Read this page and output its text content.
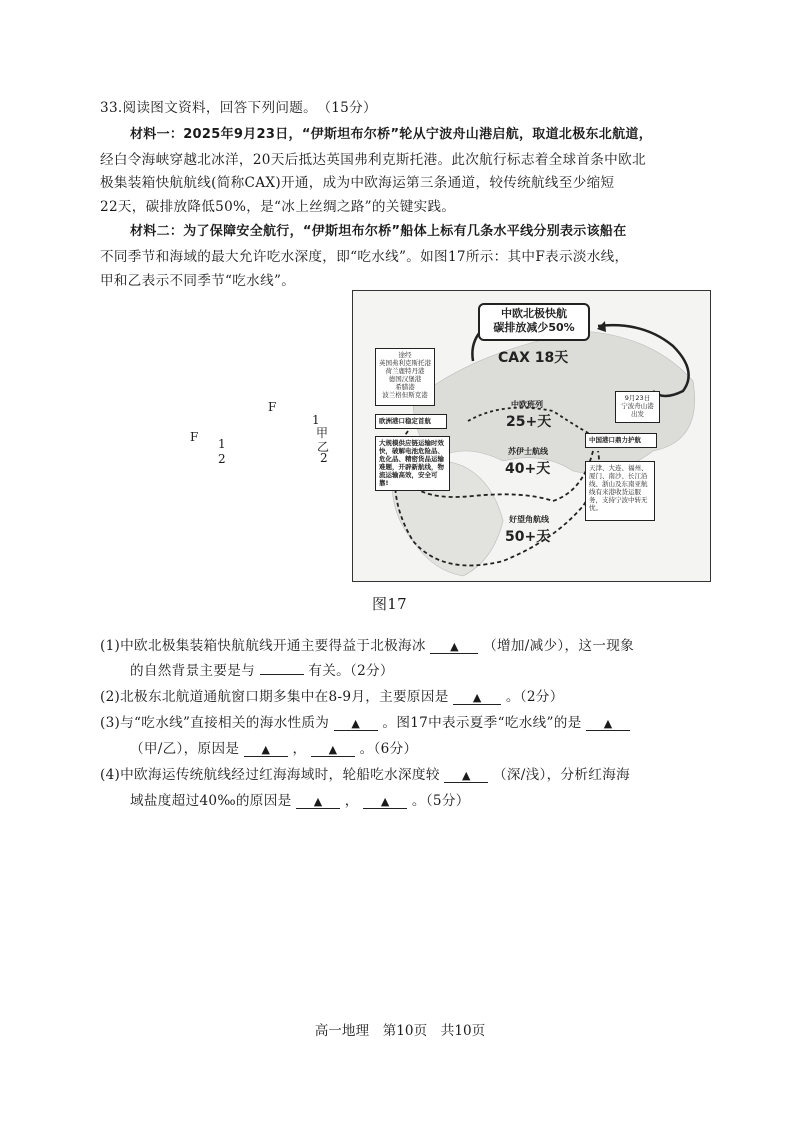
33.阅读图文资料，回答下列问题。　（15分）
材料一：2025年9月23日，“伊斯坦布尔桥”轮从宁波舟山港启航，取道北极东北航道，
经白令海峡穿越北冰洋，20天后抵达英国弗利克斯托港。此次航行标志着全球首条中欧北
极集装箱快航航线(简称CAX)开通，成为中欧海运第三条通道，较传统航线至少缩短
22天，碳排放降低50%，是“冰上丝绸之路”的关键实践。
材料二：为了保障安全航行，“伊斯坦布尔桥”船体上标有几条水平线分别表示该船在
不同季节和海域的最大允许吃水深度，即“吃水线”。如图17所示：其中F表示淡水线，
甲和乙表示不同季节“吃水线”。
F
F 1
2
1
甲
乙
2
中欧北极快航
碳排放减少50%
CAX 18天
途经
英国弗利克斯托港
荷兰鹿特丹港
德国汉堡港
希腊港
波兰格但斯克港
欧洲港口稳定首航
大规模供应链运输时效快，破解电池危险品、危化品、精密货品运输难题，开辟新航线，物流运输高效，安全可靠!
中欧班列
25+天
苏伊士航线
40+天
好望角航线
50+天
9月23日
宁波舟山港
出发
中国港口鼎力护航
天津、大连、福州、厦门、南沙、长江沿线、浙山及东南亚航线有来港收货运服务，支持宁波中转无忧。
图17
(1)中欧北极集装箱快航航线开通主要得益于北极海冰 ▲ （增加/减少），这一现象
的自然背景主要是与	有关。（2分）
(2)北极东北航道通航窗口期多集中在8-9月，主要原因是 ▲ 。（2分）
(3)与“吃水线”直接相关的海水性质为 ▲ 。图17中表示夏季“吃水线”的是 ▲
（甲/乙），原因是 ▲ ， ▲ 。（6分）
(4)中欧海运传统航线经过红海海域时，轮船吃水深度较 ▲ （深/浅），分析红海海
域盐度超过40‰的原因是 ▲ ， ▲ 。（5分）
高一地理　第10页　共10页
